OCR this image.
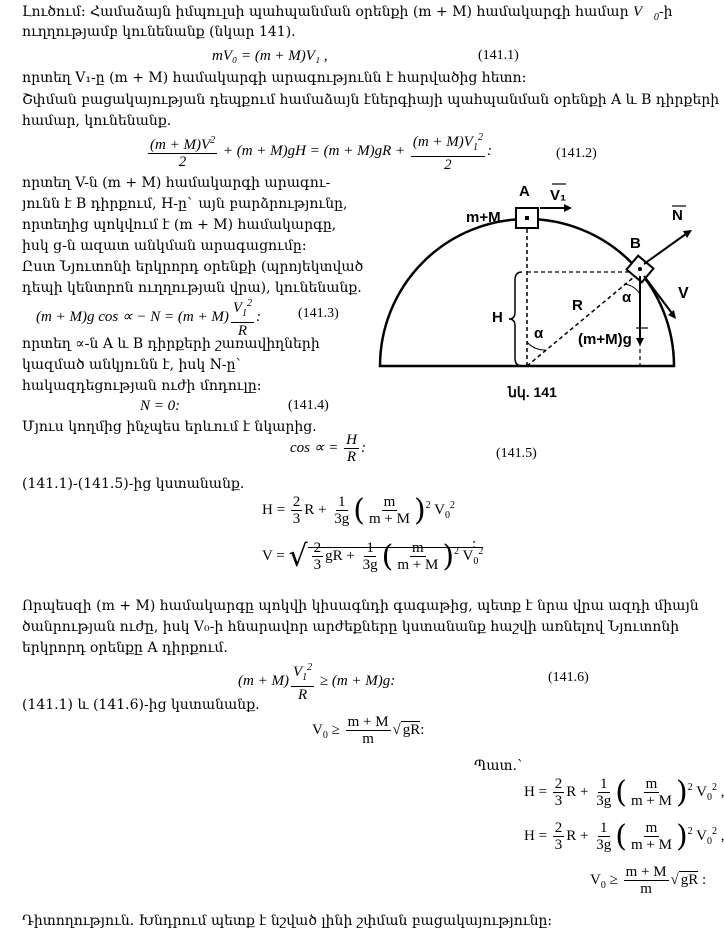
Լուծում: Համաձայն իմպուլսի պահպանման օրենքի (m + M) համակարգի համար $V⃗_0-ի$
ուղղությամբ կունենանք (նկար 141).
mV₀ = (m + M)V₁ ,	(141.1)
որտեղ V₁-ը (m + M) համակարգի արագությունն է հարվածից հետո:
Շփման բացակայության դեպքում համաձայն էներգիայի պահպանման օրենքի A և B դիրքերի
համար, կունենանք.
$\frac{(m + M)V^2}{2} + (m + M)gH = (m + M)gR + \frac{(m + M)V_1^2}{2}$ :	(141.2)
որտեղ V-ն (m + M) համակարգի արագու-
յունն է B դիրքում, H-ը` այն բարձրությունը,
որտեղից պոկվում է (m + M) համակարգը,
իսկ g-ն ազատ անկման արագացումը:
Ըստ Նյուտոնի երկրորդ օրենքի (պրոյեկտված
դեպի կենտրոն ուղղության վրա), կունենանք.
(m + M)g cos ∝ − $N = (m + M) \frac{V_1^2}{R}$ :	(141.3)
որտեղ ∝-ն A և B դիրքերի շառավիղների
կազմած անկյունն է, իսկ N-ը`
հակազդեցության ուժի մոդուլը:
N = 0:	(141.4)
Մյուս կողմից ինչպես երևում է նկարից.
cos ∝ = $\frac{H}{R}$ :	(141.5)
(141.1)-(141.5)-ից կստանանք.
$H = \frac{2}{3}$ $R + \frac{1}{3g}$ ( $\frac{m}{m + M} )^2$ $V_0^2$
V = √ $\frac{2}{3}$ gR + $\frac{1}{3g}$ ( $\frac{m}{m + M} )^2$ $V_0^2$
:
Որպեսզի (m + M) համակարգը պոկվի կիսագնդի գագաթից, պետք է նրա վրա ազդի միայն
ծանրության ուժը, իսկ V₀-ի հնարավոր արժեքները կստանանք հաշվի առնելով Նյուտոնի
երկրորդ օրենքը A դիրքում.
$(m + M) \frac{V_1^2}{R} \ge (m + M)g$:	(141.6)
(141.1) և (141.6)-ից կստանանք.
$V_0 \ge \frac{m + M}{m}$ √ gR:
Պատ.`
$H = \frac{2}{3}$ $R + \frac{1}{3g}$ ( $\frac{m}{m + M} )^2$ $V_0^2$ ,
$H = \frac{2}{3}$ $R + \frac{1}{3g}$ ( $\frac{m}{m + M} )^2$ $V_0^2$ ,
$V_0 \ge \frac{m + M}{m}$ √ gR :
Դիտողություն. Խնդրում պետք է նշված լինի շփման բացակայությունը:
A
m+M
V₁
N
B
V
H
R
α
α
(m+M)g
նկ. 141
